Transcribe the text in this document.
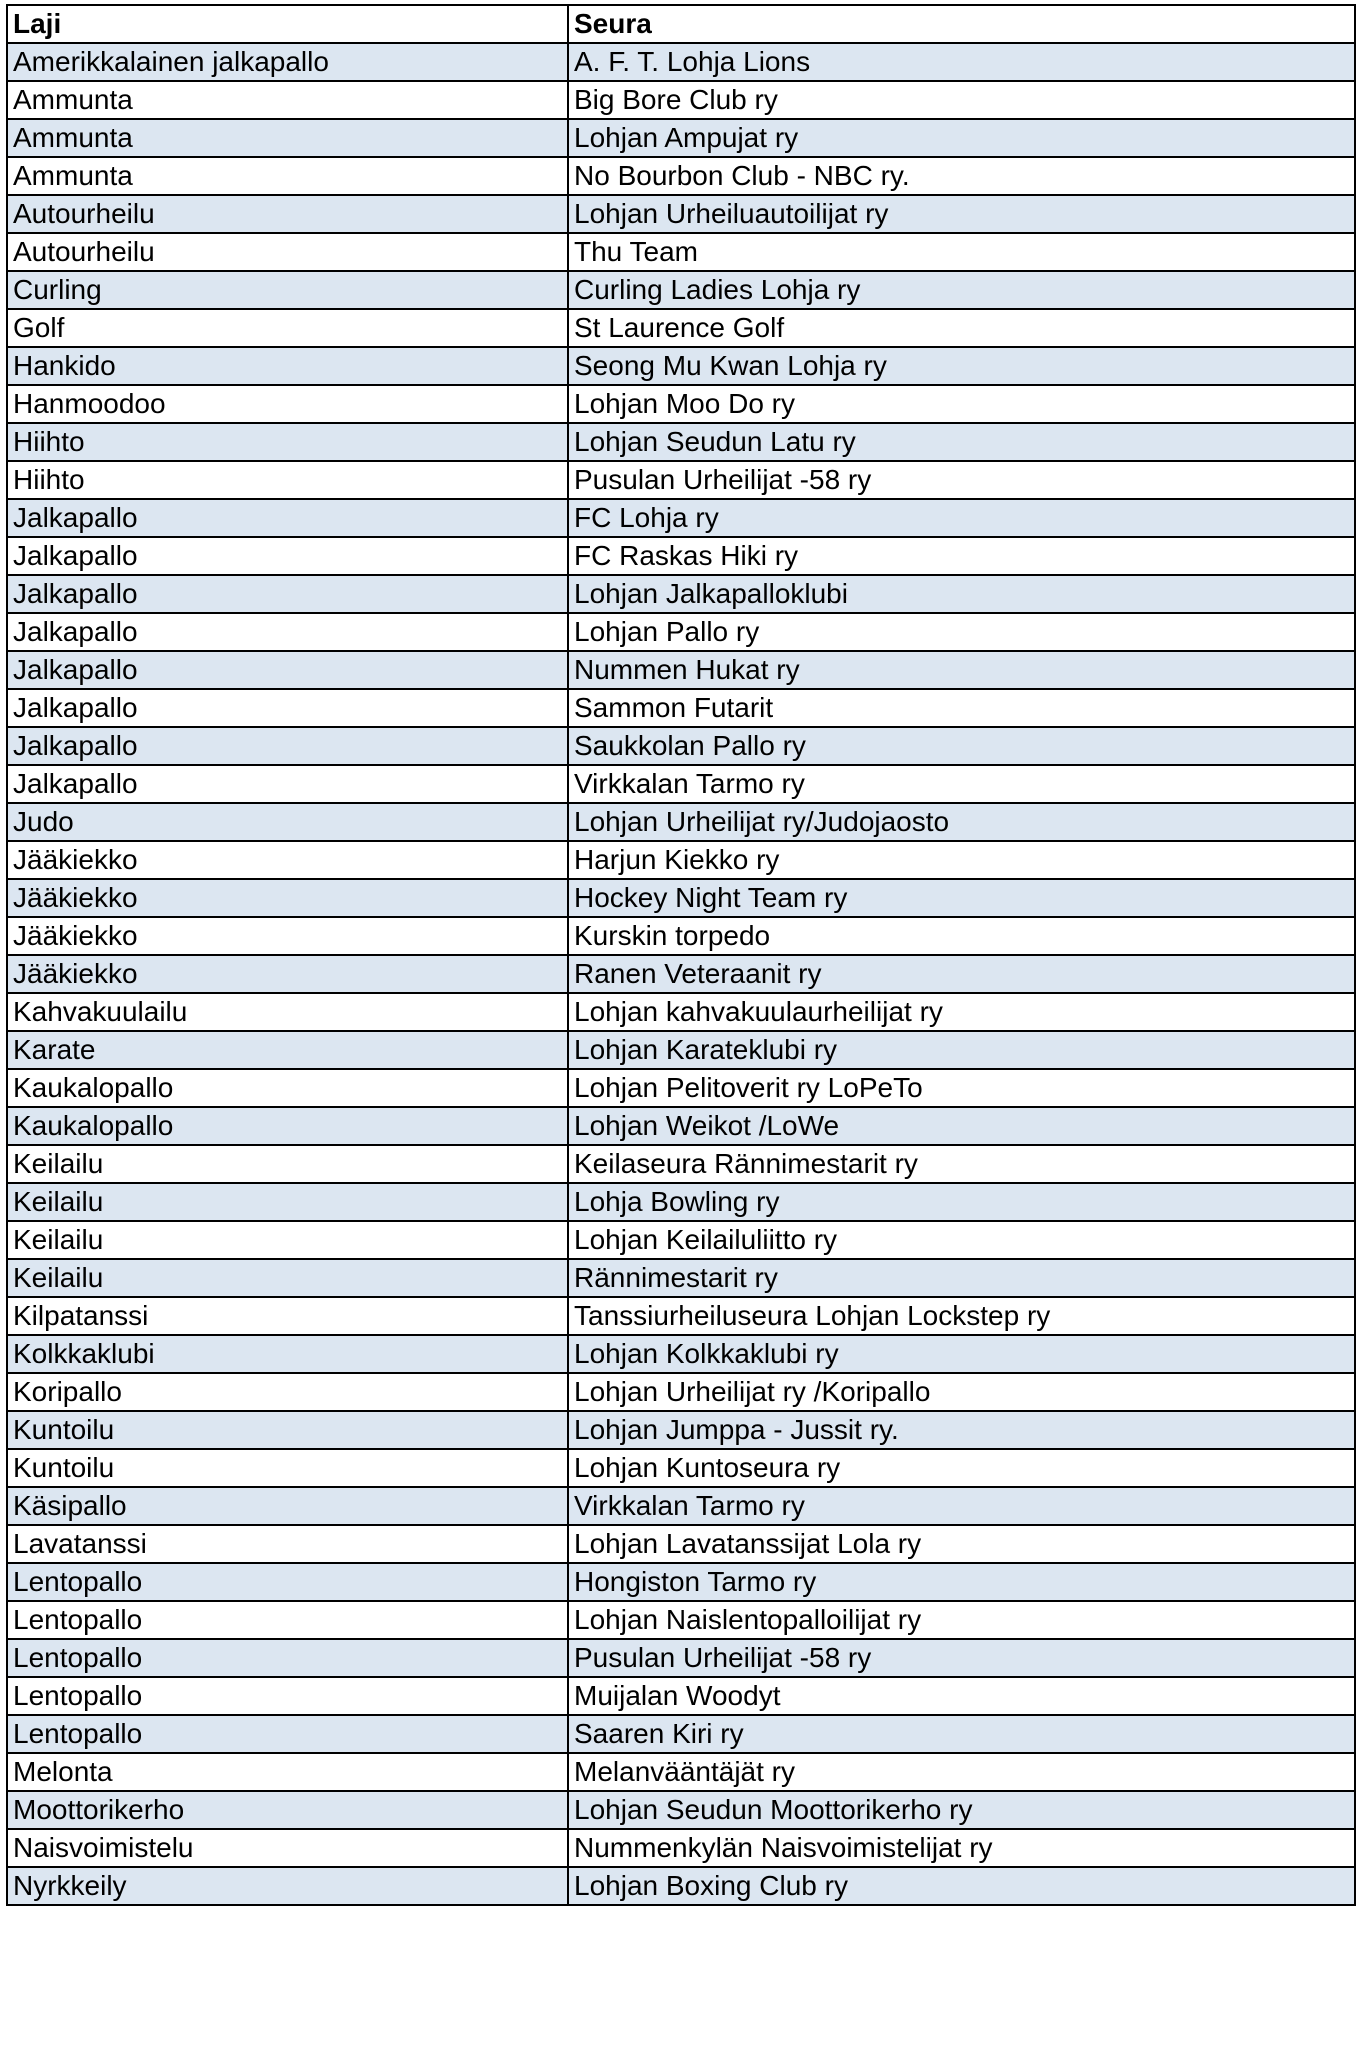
Laji	Seura
Amerikkalainen jalkapallo	A. F. T. Lohja Lions
Ammunta	Big Bore Club ry
Ammunta	Lohjan Ampujat ry
Ammunta	No Bourbon Club - NBC ry.
Autourheilu	Lohjan Urheiluautoilijat ry
Autourheilu	Thu Team
Curling	Curling Ladies Lohja ry
Golf	St Laurence Golf
Hankido	Seong Mu Kwan Lohja ry
Hanmoodoo	Lohjan Moo Do ry
Hiihto	Lohjan Seudun Latu ry
Hiihto	Pusulan Urheilijat -58 ry
Jalkapallo	FC Lohja ry
Jalkapallo	FC Raskas Hiki ry
Jalkapallo	Lohjan Jalkapalloklubi
Jalkapallo	Lohjan Pallo ry
Jalkapallo	Nummen Hukat ry
Jalkapallo	Sammon Futarit
Jalkapallo	Saukkolan Pallo ry
Jalkapallo	Virkkalan Tarmo ry
Judo	Lohjan Urheilijat ry/Judojaosto
Jääkiekko	Harjun Kiekko ry
Jääkiekko	Hockey Night Team ry
Jääkiekko	Kurskin torpedo
Jääkiekko	Ranen Veteraanit ry
Kahvakuulailu	Lohjan kahvakuulaurheilijat ry
Karate	Lohjan Karateklubi ry
Kaukalopallo	Lohjan Pelitoverit ry LoPeTo
Kaukalopallo	Lohjan Weikot /LoWe
Keilailu	Keilaseura Rännimestarit ry
Keilailu	Lohja Bowling ry
Keilailu	Lohjan Keilailuliitto ry
Keilailu	Rännimestarit ry
Kilpatanssi	Tanssiurheiluseura Lohjan Lockstep ry
Kolkkaklubi	Lohjan Kolkkaklubi ry
Koripallo	Lohjan Urheilijat ry /Koripallo
Kuntoilu	Lohjan Jumppa - Jussit ry.
Kuntoilu	Lohjan Kuntoseura ry
Käsipallo	Virkkalan Tarmo ry
Lavatanssi	Lohjan Lavatanssijat Lola ry
Lentopallo	Hongiston Tarmo ry
Lentopallo	Lohjan Naislentopalloilijat ry
Lentopallo	Pusulan Urheilijat -58 ry
Lentopallo	Muijalan Woodyt
Lentopallo	Saaren Kiri ry
Melonta	Melanvääntäjät ry
Moottorikerho	Lohjan Seudun Moottorikerho ry
Naisvoimistelu	Nummenkylän Naisvoimistelijat ry
Nyrkkeily	Lohjan Boxing Club ry
